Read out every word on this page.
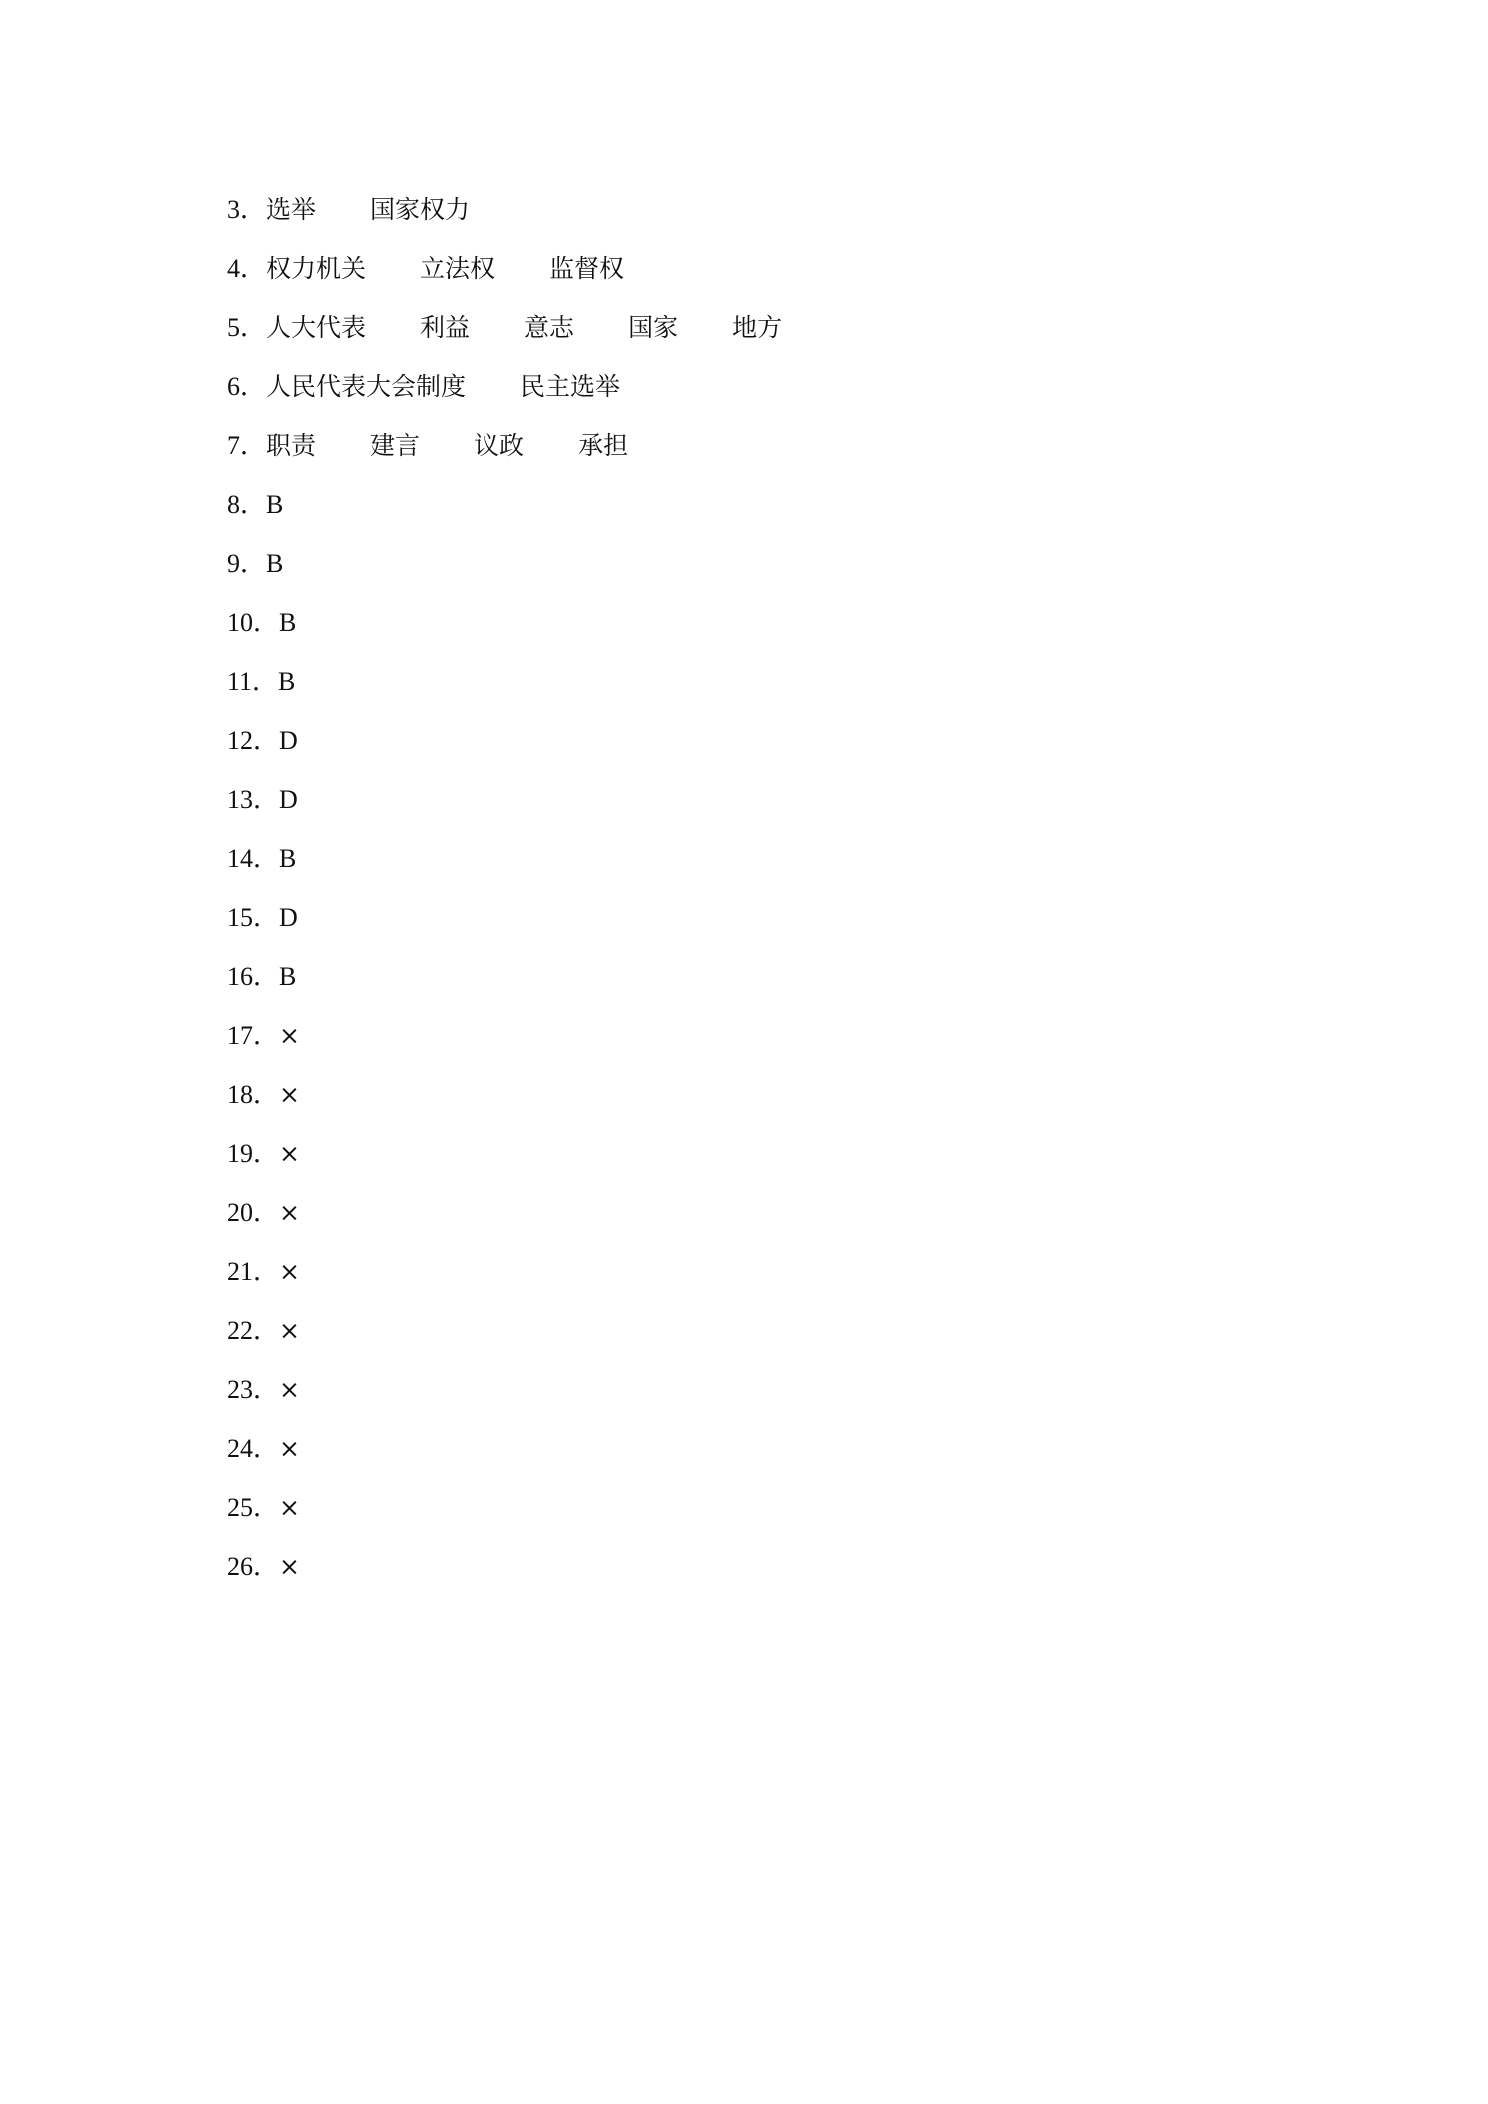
3． 选举 国家权力
4． 权力机关 立法权 监督权
5． 人大代表 利益 意志 国家 地方
6． 人民代表大会制度 民主选举
7． 职责 建言 议政 承担
8． B
9． B
10． B
11． B
12． D
13． D
14． B
15． D
16． B
17． ×
18． ×
19． ×
20． ×
21． ×
22． ×
23． ×
24． ×
25． ×
26． ×
